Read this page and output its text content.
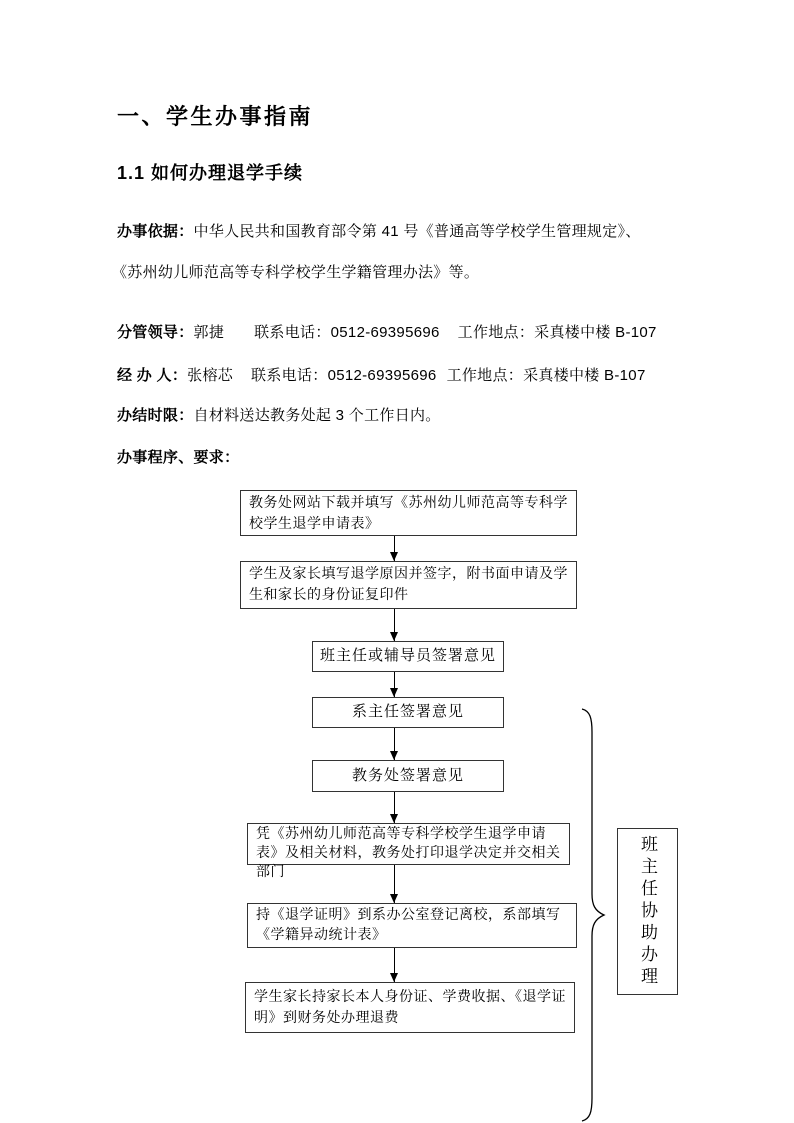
一、学生办事指南
1.1 如何办理退学手续
办事依据：中华人民共和国教育部令第 41 号《普通高等学校学生管理规定》、
《苏州幼儿师范高等专科学校学生学籍管理办法》等。
分管领导：郭捷 联系电话：0512-69395696 工作地点：采真楼中楼 B-107
经 办 人：张榕芯 联系电话：0512-69395696 工作地点：采真楼中楼 B-107
办结时限：自材料送达教务处起 3 个工作日内。
办事程序、要求：
教务处网站下载并填写《苏州幼儿师范高等专科学校学生退学申请表》
学生及家长填写退学原因并签字，附书面申请及学生和家长的身份证复印件
班主任或辅导员签署意见
系主任签署意见
教务处签署意见
凭《苏州幼儿师范高等专科学校学生退学申请表》及相关材料，教务处打印退学决定并交相关部门
持《退学证明》到系办公室登记离校，系部填写《学籍异动统计表》
学生家长持家长本人身份证、学费收据、《退学证明》到财务处办理退费
班主任协助办理
